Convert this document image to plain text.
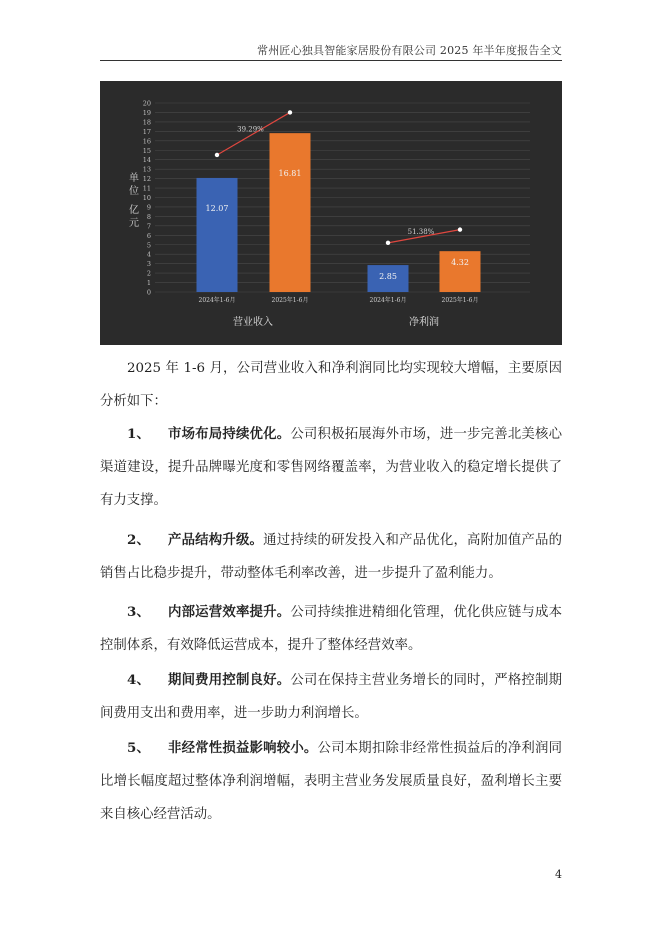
常州匠心独具智能家居股份有限公司 2025 年半年度报告全文
0
1
2
3
4
5
6
7
8
9
10
11
12
13
14
15
16
17
18
19
20
单
位
亿
元
12.07
2024年1-6月
16.81
2025年1-6月
39.29%
营业收入
2.85
2024年1-6月
4.32
2025年1-6月
51.38%
净利润

2025 年 1-6 月，公司营业收入和净利润同比均实现较大增幅，主要原因分析如下：

1、 市场布局持续优化。公司积极拓展海外市场，进一步完善北美核心渠道建设，提升品牌曝光度和零售网络覆盖率，为营业收入的稳定增长提供了有力支撑。

2、 产品结构升级。通过持续的研发投入和产品优化，高附加值产品的销售占比稳步提升，带动整体毛利率改善，进一步提升了盈利能力。

3、 内部运营效率提升。公司持续推进精细化管理，优化供应链与成本控制体系，有效降低运营成本，提升了整体经营效率。

4、 期间费用控制良好。公司在保持主营业务增长的同时，严格控制期间费用支出和费用率，进一步助力利润增长。

5、 非经常性损益影响较小。公司本期扣除非经常性损益后的净利润同比增长幅度超过整体净利润增幅，表明主营业务发展质量良好，盈利增长主要来自核心经营活动。

4
